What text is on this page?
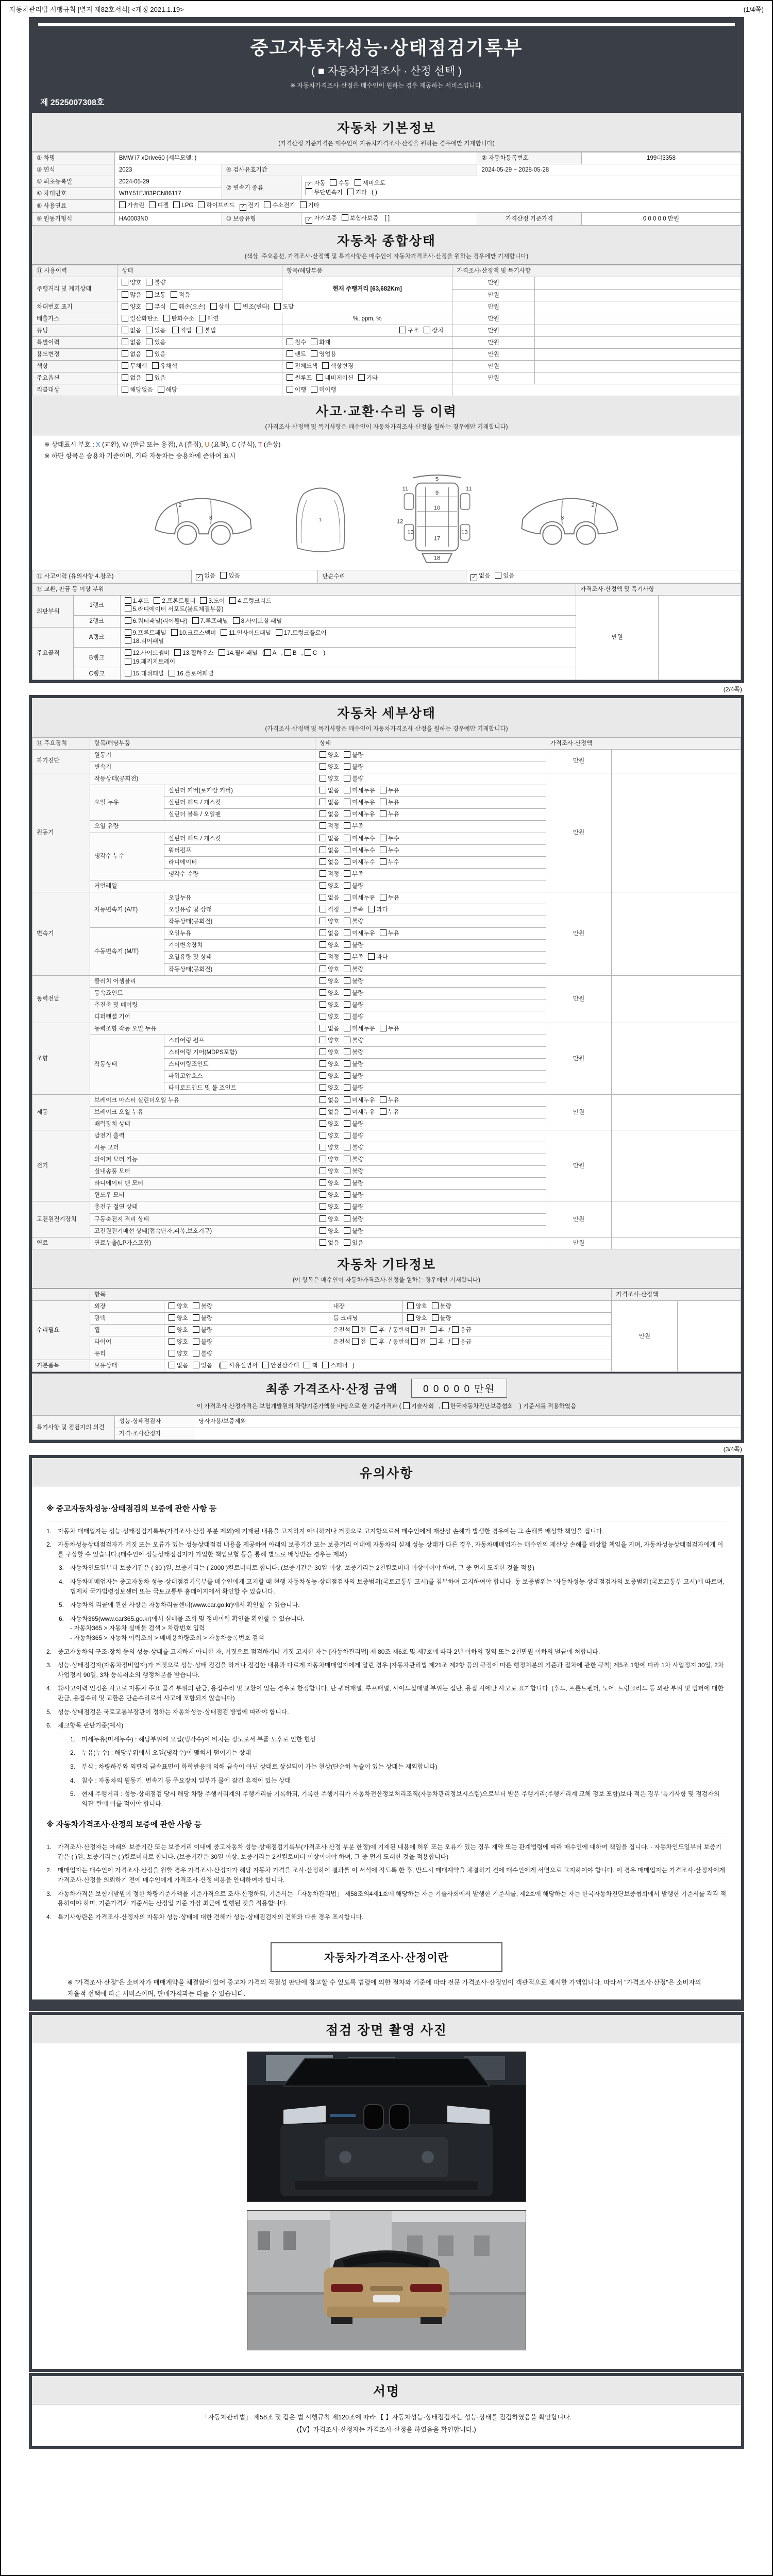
자동차관리법 시행규칙 [별지 제82호서식] <개정 2021.1.19>	(1/4쪽)
중고자동차성능·상태점검기록부
( ■ 자동차가격조사 · 산정 선택 )
※ 자동차가격조사·산정은 매수인이 원하는 경우 제공하는 서비스입니다.
제 2525007308호
자동차 기본정보
(가격산정 기준가격은 매수인이 자동차가격조사·산정을 원하는 경우에만 기재합니다)
① 차명	BMW i7 xDrive60 (세부모델: )			② 자동차등록번호	199더3358
③ 연식	2023	④ 검사유효기간		2024-05-29 ~ 2028-05-28	
⑤ 최초등록일	2024-05-29	⑦ 변속기 종류	✓ 자동 수동 세미오토
무단변속기 기타 ( )		
⑥ 차대번호	WBY51EJ03PCN86117				
⑧ 사용연료	가솔린 디젤 LPG 하이브리드 ✓ 전기 수소전기 기타				
⑨ 원동기형식	HA0003N0	⑩ 보증유형	✓ 자가보증 보험사보증 [ ]	가격산정 기준가격	0 0 0 0 0 만원
자동차 종합상태
(색상, 주요옵션, 가격조사·산정액 및 특기사항은 매수인이 자동차가격조사·산정을 원하는 경우에만 기재합니다)
⑪ 사용이력	상태	항목/해당부품	가격조사·산정액 및 특기사항	
주행거리 및 계기상태	양호 불량	현재 주행거리 [63,682Km]	만원	
	많음 보통 적음		만원	
차대번호 표기	양호 부식 훼손(오손) 상이 변조(변타) 도말		만원	
배출가스	일산화탄소 탄화수소 매연	%, ppm, %	만원	
튜닝	없음 있음 적법 불법	구조 장치	만원	
특별이력	없음 있음	침수 화재	만원	
용도변경	없음 있음	렌트 영업용	만원	
색상	무채색 유채색	전체도색 색상변경	만원	
주요옵션	없음 있음	썬루프 네비게이션 기타	만원	
리콜대상	해당없음 해당	이행 미이행		
사고·교환·수리 등 이력
(가격조사·산정액 및 특기사항은 매수인이 자동차가격조사·산정을 원하는 경우에만 기재합니다)
※ 상태표시 부호 : X (교환), W (판금 또는 용접), A (흠집), U (요철), C (부식), T (손상)
※ 하단 항목은 승용차 기준이며, 기타 자동차는 승용차에 준하여 표시
2
3	1
5
9
10
11	11
12
13	13
17
18
2
3
⑫ 사고이력 (유의사항 4.참조)	✓ 없음 있음	단순수리	✓ 없음 있음
⑬ 교환, 판금 등 이상 부위			가격조사·산정액 및 특기사항	
외판부위	1랭크	1.후드 2.프론트휀더 3.도어 4.트렁크리드
5.라디에이터 서포트(볼트체결부품)	만원	
	2랭크	6.쿼터패널(리어휀다) 7.루프패널 8.사이드실 패널		
주요골격	A랭크	9.프론트패널 10.크로스멤버 11.인사이드패널 17.트렁크플로어
18.리어패널		
	B랭크	12.사이드멤버 13.휠하우스 14.필러패널 ( A , B , C )
19.패키지트레이		
	C랭크	15.대쉬패널 16.플로어패널		
(2/4쪽)
자동차 세부상태
(가격조사·산정액 및 특기사항은 매수인이 자동차가격조사·산정을 원하는 경우에만 기재합니다)
⑭ 주요장치	항목/해당부품		상태	가격조사·산정액	
자기진단	원동기		양호 불량	만원	
	변속기		양호 불량		
원동기	작동상태(공회전)		양호 불량	만원	
	오일 누유	실린더 커버(로커암 커버)	없음 미세누유 누유		
		실린더 헤드 / 개스킷	없음 미세누유 누유		
		실린더 블록 / 오일팬	없음 미세누유 누유		
	오일 유량		적정 부족		
	냉각수 누수	실린더 헤드 / 개스킷	없음 미세누수 누수		
		워터펌프	없음 미세누수 누수		
		라디에이터	없음 미세누수 누수		
		냉각수 수량	적정 부족		
	커먼레일		양호 불량		
변속기	자동변속기 (A/T)	오일누유	없음 미세누유 누유	만원	
		오일유량 및 상태	적정 부족 과다		
		작동상태(공회전)	양호 불량		
	수동변속기 (M/T)	오일누유	없음 미세누유 누유		
		기어변속장치	양호 불량		
		오일유량 및 상태	적정 부족 과다		
		작동상태(공회전)	양호 불량		
동력전달	클러치 어셈블리		양호 불량	만원	
	등속죠인트		양호 불량		
	추진축 및 베어링		양호 불량		
	디퍼렌셜 기어		양호 불량		
조향	동력조향 작동 오일 누유		없음 미세누유 누유	만원	
	작동상태	스티어링 펌프	양호 불량		
		스티어링 기어(MDPS포함)	양호 불량		
		스티어링조인트	양호 불량		
		파워고압호스	양호 불량		
		타이로드엔드 및 볼 조인트	양호 불량		
제동	브레이크 마스터 실린더오일 누유		없음 미세누유 누유	만원	
	브레이크 오일 누유		없음 미세누유 누유		
	배력장치 상태		양호 불량		
전기	발전기 출력		양호 불량	만원	
	시동 모터		양호 불량		
	와이퍼 모터 기능		양호 불량		
	실내송풍 모터		양호 불량		
	라디에이터 팬 모터		양호 불량		
	윈도우 모터		양호 불량		
고전원전기장치	충전구 절연 상태		양호 불량	만원	
	구동축전지 격리 상태		양호 불량		
	고전원전기배선 상태(접속단자,피복,보호기구)		양호 불량		
연료	연료누출(LP가스포함)		없음 있음	만원	
자동차 기타정보
(이 항목은 매수인이 자동차가격조사·산정을 원하는 경우에만 기재합니다)
	항목				가격조사·산정액	
수리필요	외장	양호 불량	내장	양호 불량	만원	
	광택	양호 불량	룸 크리닝	양호 불량		
	휠	양호 불량	운전석 전 후 / 동반석 전 후 / 응급			
	타이어	양호 불량	운전석 전 후 / 동반석 전 후 / 응급			
	유리	양호 불량				
기본품목	보유상태	없음 있음 ( 사용설명서 안전삼각대 잭 스패너 )				
최종 가격조사·산정 금액	0 0 0 0 0 만원
이 가격조사·산정가격은 보험개발원의 차량기준가액을 바탕으로 한 기준가격과 ( 기술사회 , 한국자동차진단보증협회 ) 기준서를 적용하였음
특기사항 및 점검자의 의견	성능·상태점검자	당사자용/보증제외
	가격·조사산정자	
(3/4쪽)
유의사항
※ 중고자동차성능·상태점검의 보증에 관한 사항 등
1. 자동차 매매업자는 성능·상태점검기록부(가격조사·산정 부분 제외)에 기재된 내용을 고지하지 아니하거나 거짓으로 고지함으로써 매수인에게 재산상 손해가 발생한 경우에는 그 손해를 배상할 책임을 집니다.
2. 자동차성능상태점검자가 거짓 또는 오류가 있는 성능상태점검 내용을 제공하여 아래의 보증기간 또는 보증거리 이내에 자동차의 실제 성능·상태가 다른 경우, 자동차매매업자는 매수인의 재산상 손해를 배상할 책임을 지며, 자동차성능상태점검자에게 이를 구상할 수 있습니다.(매수인이 성능상태점검자가 가입한 책임보험 등을 통해 별도로 배상받는 경우는 제외)
3. 자동차인도일부터 보증기간은 ( 30 )일, 보증거리는 ( 2000 )킬로미터로 합니다. (보증기간은 30일 이상, 보증거리는 2천킬로미터 이상이어야 하며, 그 중 먼저 도래한 것을 적용)
4. 자동차매매업자는 중고자동차 성능·상태점검기록부를 매수인에게 고지할 때 현행 자동차성능·상태점검자의 보증범위(국토교통부 고시)를 첨부하여 고지하여야 합니다. 동 보증범위는 '자동차성능·상태점검자의 보증범위'(국토교통부 고시)에 따르며, 법제처 국가법령정보센터 또는 국토교통부 홈페이지에서 확인할 수 있습니다.
5. 자동차의 리콜에 관한 사항은 자동차리콜센터(www.car.go.kr)에서 확인할 수 있습니다.
6. 자동차365(www.car365.go.kr)에서 실매물 조회 및 정비이력 확인을 확인할 수 있습니다.
- 자동차365 > 자동차 실매물 검색 > 차량번호 입력
- 자동차365 > 자동차 이력조회 > 매매용차량조회 > 자동차등록번호 검색
2. 중고자동차의 구조·장치 등의 성능·상태를 고지하지 아니한 자, 거짓으로 점검하거나 거짓 고지한 자는 [자동차관리법] 제 80조 제6호 및 제7호에 따라 2년 이하의 징역 또는 2천만원 이하의 벌금에 처합니다.
3. 성능·상태점검자(자동차정비업자)가 거짓으로 성능·상태 점검을 하거나 점검한 내용과 다르게 자동차매매업자에게 알린 경우 [자동차관리법 제21조 제2항 등의 규정에 따른 행정처분의 기준과 절차에 관한 규칙] 제5조 1항에 따라 1차 사업정지 30일, 2차 사업정지 90일, 3차 등록취소의 행정처분을 받습니다.
4. ⑫사고이력 인정은 사고로 자동차 주요 골격 부위의 판금, 용접수리 및 교환이 있는 경우로 한정합니다. 단 쿼터패널, 루프패널, 사이드실패널 부위는 절단, 용접 시에만 사고로 표기합니다. (후드, 프론트펜더, 도어, 트렁크리드 등 외판 부위 및 범퍼에 대한 판금, 용접수리 및 교환은 단순수리로서 사고에 포함되지 않습니다)
5. 성능·상태점검은 국토교통부장관이 정하는 자동차성능·상태점검 방법에 따라야 합니다.
6. 체크항목 판단기준(예시)
1. 미세누유(미세누수) : 해당부위에 오일(냉각수)이 비치는 정도로서 부품 노후로 인한 현상
2. 누유(누수) : 해당부위에서 오일(냉각수)이 맺혀서 떨어지는 상태
3. 부식 : 차량하부와 외판의 금속표면이 화학반응에 의해 금속이 아닌 상태로 상실되어 가는 현상(단순히 녹슬어 있는 상태는 제외합니다)
4. 침수 : 자동차의 원동기, 변속기 등 주요장치 일부가 물에 잠긴 흔적이 있는 상태
5. 현재 주행거리 : 성능·상태점검 당시 해당 차량 주행거리계의 주행거리를 기록하되, 기록한 주행거리가 자동차전산정보처리조직(자동차관리정보시스템)으로부터 받은 주행거리(주행거리계 교체 정보 포함)보다 적은 경우 '특기사항 및 점검자의 의견' 란에 이를 적어야 합니다.
※ 자동차가격조사·산정의 보증에 관한 사항 등
1. 가격조사·산정자는 아래의 보증기간 또는 보증거리 이내에 중고자동차 성능·상태점검기록부(가격조사·산정 부분 한정)에 기재된 내용에 허위 또는 오류가 있는 경우 계약 또는 관계법령에 따라 매수인에 대하여 책임을 집니다. · 자동차인도일부터 보증기간은 ( )일, 보증거리는 ( )킬로미터로 합니다. (보증기간은 30일 이상, 보증거리는 2천킬로미터 이상이어야 하며, 그 중 먼저 도래한 것을 적용합니다)
2. 매매업자는 매수인이 가격조사·산정을 원할 경우 가격조사·산정자가 해당 자동차 가격을 조사·산정하여 결과를 이 서식에 적도록 한 후, 반드시 매매계약을 체결하기 전에 매수인에게 서면으로 고지하여야 합니다. 이 경우 매매업자는 가격조사·산정자에게 가격조사·산정을 의뢰하기 전에 매수인에게 가격조사·산정 비용을 안내하여야 합니다.
3. 자동차가격은 보험개발원이 정한 차량기준가액을 기준가격으로 조사·산정하되, 기준서는 「자동차관리법」 제58조의4제1호에 해당하는 자는 기술사회에서 발행한 기준서를, 제2호에 해당하는 자는 한국자동차진단보증협회에서 발행한 기준서를 각각 적용하여야 하며, 기준가격과 기준서는 산정일 기준 가장 최근에 발행된 것을 적용합니다.
4. 특기사항란은 가격조사·산정자의 자동차 성능·상태에 대한 견해가 성능·상태점검자의 견해와 다를 경우 표시합니다.
자동차가격조사·산정이란
※ "가격조사·산정"은 소비자가 매매계약을 체결함에 있어 중고차 가격의 적절성 판단에 참고할 수 있도록 법령에 의한 절차와 기준에 따라 전문 가격조사·산정인이 객관적으로 제시한 가액입니다. 따라서 "가격조사·산정"은 소비자의 자율적 선택에 따른 서비스이며, 판매가격과는 다를 수 있습니다.
점검 장면 촬영 사진
서명
「자동차관리법」 제58조 및 같은 법 시행규칙 제120조에 따라 【 】자동차성능·상태점검자는 성능·상태를 점검하였음을 확인합니다.
(【V】가격조사·산정자는 가격조사·산정을 하였음을 확인합니다.)
